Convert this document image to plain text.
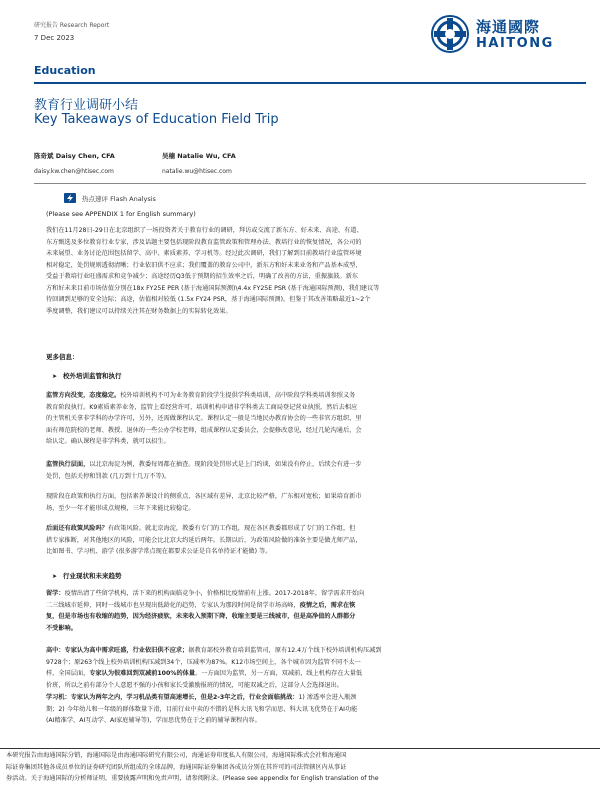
研究报告 Research Report
7 Dec 2023
海通國際
HAITONG
Education
教育行业调研小结
Key Takeaways of Education Field Trip
陈奇斌 Daisy Chen, CFA
daisy.kw.chen@htisec.com
吴楠 Natalie Wu, CFA
natalie.wu@htisec.com
热点速评 Flash Analysis
(Please see APPENDIX 1 for English summary)
我们在11月28日-29日在北京组织了一场投资者关于教育行业的调研，拜访或交流了新东方、好未来、高途、有道、
东方甄选及多位教育行业专家，涉及话题主要包括现阶段教育监管政策和管理办法、教培行业的恢复情况，各公司的
未来展望、业务讨论范围包括留学、高中、素质素养、学习机等。经过此次调研，我们了解到目前教培行业监管环境
相对稳定，处罚规则透彻清晰；行业依旧供不应求；我们覆盖的教育公司中，新东方和好未来业务和产品基本成型，
受益于教培行业旺盛需求和竞争减少；高途经历Q3低于预期的招生效率之后，明确了改善的方法，重振旗鼓。新东
方和好未来目前市场估值分别在18x FY25E PER (基于海通国际预测)\4.4x FY25E PSR (基于海通国际预测)，我们建议等
待回调到足够的安全边际；高途，估值相对较低 (1.5x FY24 PSR，基于海通国际预测)，但鉴于其改善策略最近1~2个
季度调整，我们建议可以持续关注其在财务数据上的实际转化效果。
更多信息：
➤ 校外培训监管和执行
监管方向没变，态度稳定。校外培训机构不可为业务教育阶段学生提供学科类培训，高中阶段学科类培训参照义务
教育阶段执行。K9素质素养业务，监管上看经营许可，培训机构申请非学科类去工商局登记营业执照，然后去相应
的主管机关拿非学科的办学许可，另外，还需做课程认定。课程认定一般是当地民办教育协会的一些非官方组织，里
面有师范院校的老师、教授、退休的一些公办学校老师，组成课程认定委员会，会提修改意见，经过几轮沟通后，会
给认定。确认课程是非学科类，就可以招生。
监管执行层面，以北京海淀为例，教委每周都在抽查。现阶段处罚形式是上门约谈，如果没有停止，后续会有进一步
处罚，包括关停和罚款 (几万到十几万不等)。
现阶段在政策和执行方面，包括素养课设计的侧重点，各区域有差异，北京比较严格，广东相对宽松；如果培育新市
场，至少一年才能形成点规模，三年下来能比较稳定。
后面还有政策风险吗？有政策风险。就北京海淀，教委有专门的工作组，现在各区教委都形成了专门的工作组，但
措专家推断，对其他地区的风险，可能会比北京大约延后两年。长期以后，为政策风险做的准备主要是做尤师产品，
比如图书、学习机、游学 (很多游学常点现在都要求公证是自名单持证才能做) 等。
➤ 行业现状和未来趋势
留学：疫情出清了些留学机构，活下来的机构面临竞争小，价格相比疫情前有上涨。2017-2018年，留学需求开始向
二三线城市延伸，同时一线城市也呈现出低龄化的趋势，专家认为那段时间是留学市场高峰，疫情之后，需求在恢
复，但是市场也有收缩的趋势，因为经济疲软，未来收入预期下降，收缩主要是三线城市，但是高净值的人群都分
不受影响。
高中：专家认为高中需求旺盛，行业依旧供不应求；据教育部校外教育培训监管司，原有12.4万个线下校外培训机构压减到
9728个；原263个线上校外培训机构压减到34个，压减率为87%。K12市场空间上，各个城市因为监管不同不太一
样，全国层面，专家认为很难回到双减前100%的体量。一方面因为监管，另一方面，双减前，线上机构存在大量低
价班，所以之前有部分个人意愿不强的小孩和家长受激励报班的情况，可能双减之后，这部分人会选择退出。
学习机：专家认为两年之内，学习机品类有望高速增长，但是2-3年之后，行业会面临挑战：1) 渗透率会进入瓶颈
期；2) 今年幼儿和一年级的群体数量下滑，目前行业中卖的不错的是科大讯飞和学而思，科大讯飞优势在于AI功能
(AI精准学、AI互动学、AI家庭辅导等)，学而思优势在于之前的辅导课程内容。
本研究报告由海通国际分销，海通国际是由海通国际研究有限公司，海通证券印度私人有限公司，海通国际株式会社和海通国
际证券集团其他各成员单位的证券研究团队所组成的全球品牌，海通国际证券集团各成员分别在其许可的司法管辖区内从事证
券活动。关于海通国际的分析师证明，重要披露声明和免责声明，请参阅附录。(Please see appendix for English translation of the
